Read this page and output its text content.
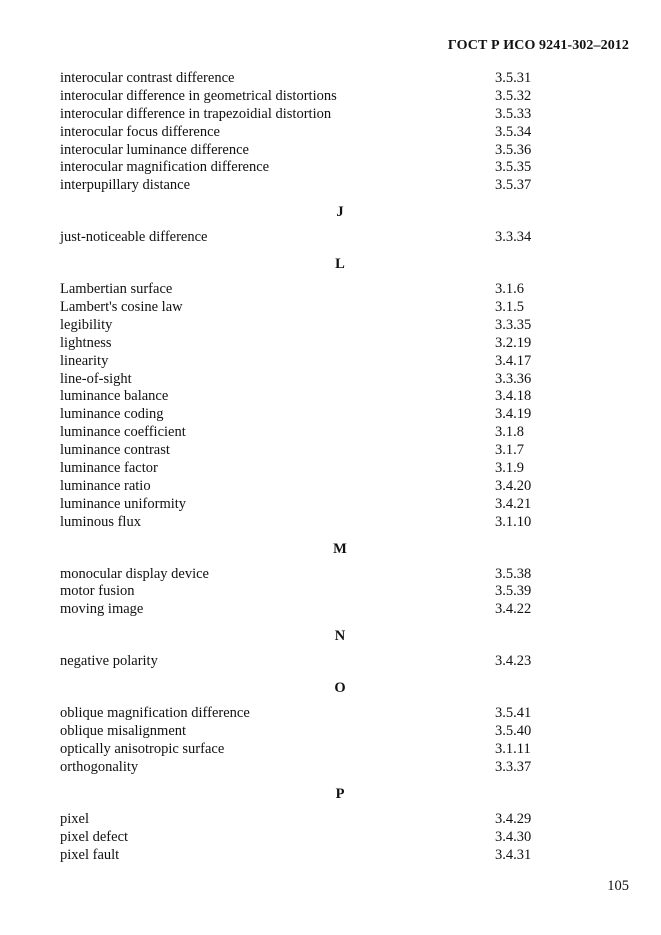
ГОСТ Р ИСО 9241-302–2012
interocular contrast difference	3.5.31
interocular difference in geometrical distortions	3.5.32
interocular difference in trapezoidial distortion	3.5.33
interocular focus difference	3.5.34
interocular luminance difference	3.5.36
interocular magnification difference	3.5.35
interpupillary distance	3.5.37
J
just-noticeable difference	3.3.34
L
Lambertian surface	3.1.6
Lambert's cosine law	3.1.5
legibility	3.3.35
lightness	3.2.19
linearity	3.4.17
line-of-sight	3.3.36
luminance balance	3.4.18
luminance coding	3.4.19
luminance coefficient	3.1.8
luminance contrast	3.1.7
luminance factor	3.1.9
luminance ratio	3.4.20
luminance uniformity	3.4.21
luminous flux	3.1.10
M
monocular display device	3.5.38
motor fusion	3.5.39
moving image	3.4.22
N
negative polarity	3.4.23
O
oblique magnification difference	3.5.41
oblique misalignment	3.5.40
optically anisotropic surface	3.1.11
orthogonality	3.3.37
P
pixel	3.4.29
pixel defect	3.4.30
pixel fault	3.4.31
105
